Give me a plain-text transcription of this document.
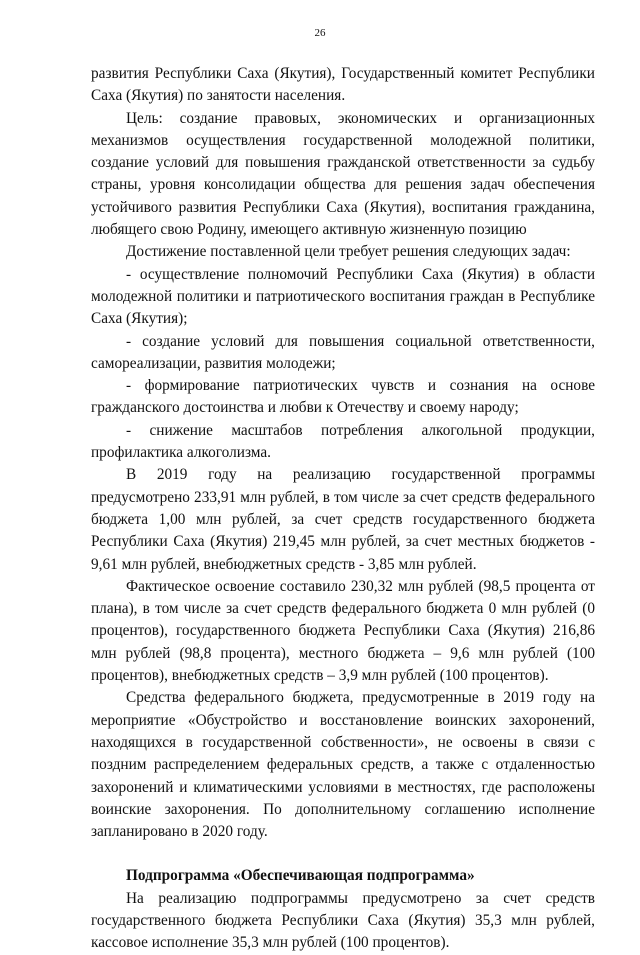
26

развития Республики Саха (Якутия), Государственный комитет Республики Саха (Якутия) по занятости населения.

Цель: создание правовых, экономических и организационных механизмов осуществления государственной молодежной политики, создание условий для повышения гражданской ответственности за судьбу страны, уровня консолидации общества для решения задач обеспечения устойчивого развития Республики Саха (Якутия), воспитания гражданина, любящего свою Родину, имеющего активную жизненную позицию

Достижение поставленной цели требует решения следующих задач:

- осуществление полномочий Республики Саха (Якутия) в области молодежной политики и патриотического воспитания граждан в Республике Саха (Якутия);

- создание условий для повышения социальной ответственности, самореализации, развития молодежи;

- формирование патриотических чувств и сознания на основе гражданского достоинства и любви к Отечеству и своему народу;

- снижение масштабов потребления алкогольной продукции, профилактика алкоголизма.

В 2019 году на реализацию государственной программы предусмотрено 233,91 млн рублей, в том числе за счет средств федерального бюджета 1,00 млн рублей, за счет средств государственного бюджета Республики Саха (Якутия) 219,45 млн рублей, за счет местных бюджетов - 9,61 млн рублей, внебюджетных средств - 3,85 млн рублей.

Фактическое освоение составило 230,32 млн рублей (98,5 процента от плана), в том числе за счет средств федерального бюджета 0 млн рублей (0 процентов), государственного бюджета Республики Саха (Якутия) 216,86 млн рублей (98,8 процента), местного бюджета – 9,6 млн рублей (100 процентов), внебюджетных средств – 3,9 млн рублей (100 процентов).

Средства федерального бюджета, предусмотренные в 2019 году на мероприятие «Обустройство и восстановление воинских захоронений, находящихся в государственной собственности», не освоены в связи с поздним распределением федеральных средств, а также с отдаленностью захоронений и климатическими условиями в местностях, где расположены воинские захоронения. По дополнительному соглашению исполнение запланировано в 2020 году.

Подпрограмма «Обеспечивающая подпрограмма»

На реализацию подпрограммы предусмотрено за счет средств государственного бюджета Республики Саха (Якутия) 35,3 млн рублей, кассовое исполнение 35,3 млн рублей (100 процентов).
